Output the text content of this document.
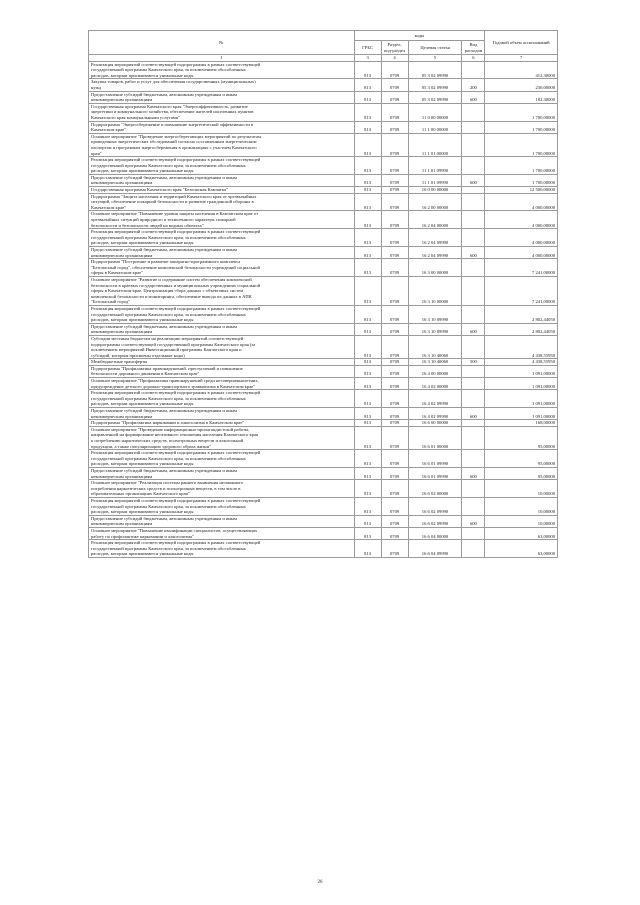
№	коды				Годовой объем ассигнований
	ГРБС	Раздел, под-раздел	Целевая статья	Вид расходов	
1	3	4	5	6	7

Реализация мероприятий соответствующей подпрограммы в рамках соответствующей
государственной программы Камчатского края, за исключением обособленных
расходов, которым присваиваются уникальные коды	813	0709	05 3 02 09990		412,30000

Закупка товаров, работ и услуг для обеспечения государственных (муниципальных)
нужд	813	0709	05 3 02 09990	200	230,00000

Предоставление субсидий бюджетным, автономным учреждениям и иным
некоммерческим организациям	813	0709	05 3 02 09990	600	182,30000

Государственная программа Камчатского края "Энергоэффективность, развитие
энергетики и коммунального хозяйства, обеспечение жителей населенных пунктов
Камчатского края коммунальными услугами"	813	0709	11 0 00 00000		1 700,00000

Подпрограмма "Энергосбережение и повышение энергетической эффективности в
Камчатском крае"	813	0709	11 1 00 00000		1 700,00000

Основное мероприятие "Проведение энергосберегающих мероприятий по результатам
проведенных энергетических обследований согласно составленным энергетическим
паспортам и программам энергосбережения в организациях с участием Камчатского
края"	813	0709	11 1 01 00000		1 700,00000

Реализация мероприятий соответствующей подпрограммы в рамках соответствующей
государственной программы Камчатского края, за исключением обособленных
расходов, которым присваиваются уникальные коды	813	0709	11 1 01 09990		1 700,00000

Предоставление субсидий бюджетным, автономным учреждениям и иным
некоммерческим организациям	813	0709	11 1 01 09990	600	1 700,00000

Государственная программа Камчатского края "Безопасная Камчатка"	813	0709	16 0 00 00000		12 500,00000

Подпрограмма "Защита населения и территорий Камчатского края от чрезвычайных
ситуаций, обеспечение пожарной безопасности и развитие гражданской обороны в
Камчатском крае"	813	0709	16 2 00 00000		4 000,00000

Основное мероприятие "Повышение уровня защиты населения в Камчатском крае от
чрезвычайных ситуаций природного и техногенного характера, пожарной
безопасности и безопасности людей на водных объектах"	813	0709	16 2 04 00000		4 000,00000

Реализация мероприятий соответствующей подпрограммы в рамках соответствующей
государственной программы Камчатского края, за исключением обособленных
расходов, которым присваиваются уникальные коды	813	0709	16 2 04 09990		4 000,00000

Предоставление субсидий бюджетным, автономным учреждениям и иным
некоммерческим организациям	813	0709	16 2 04 09990	600	4 000,00000

Подпрограмма "Построение и развитие аппаратно-программного комплекса
"Безопасный город", обеспечение комплексной безопасности учреждений социальной
сферы в Камчатском крае"	813	0709	16 3 00 00000		7 241,00000

Основное мероприятие "Развитие и содержание систем обеспечения комплексной
безопасности в краевых государственных и муниципальных учреждениях социальной
сферы в Камчатском крае. Централизация сбора данных с объектовых систем
комплексной безопасности и мониторинга, обеспечение вывода их данных в АПК
"Безопасный город"	813	0709	16 3 10 00000		7 241,00000

Реализация мероприятий соответствующей подпрограммы в рамках соответствующей
государственной программы Камчатского края, за исключением обособленных
расходов, которым присваиваются уникальные коды	813	0709	16 3 10 09990		2 802,44050

Предоставление субсидий бюджетным, автономным учреждениям и иным
некоммерческим организациям	813	0709	16 3 10 09990	600	2 802,44050

Субсидии местным бюджетам на реализацию мероприятий соответствующей
подпрограммы соответствующей государственной программы Камчатского края (за
исключением мероприятий Инвестиционной программы Камчатского края и
субсидий, которым присвоены отдельные коды)	813	0709	16 3 10 40060		4 438,55950

Межбюджетные трансферты	813	0709	16 3 10 40060	500	4 438,55950

Подпрограмма "Профилактика правонарушений, преступлений и повышение
безопасности дорожного движения в Камчатском крае"	813	0709	16 4 00 00000		1 091,00000

Основное мероприятие "Профилактика правонарушений среди несовершеннолетних,
предупреждение детского дорожно-транспортного травматизма в Камчатском крае"	813	0709	16 4 02 00000		1 091,00000

Реализация мероприятий соответствующей подпрограммы в рамках соответствующей
государственной программы Камчатского края, за исключением обособленных
расходов, которым присваиваются уникальные коды	813	0709	16 4 02 09990		1 091,00000

Предоставление субсидий бюджетным, автономным учреждениям и иным
некоммерческим организациям	813	0709	16 4 02 09990	600	1 091,00000

Подпрограмма "Профилактика наркомании и алкоголизма в Камчатском крае"	813	0709	16 6 00 00000		168,00000

Основное мероприятие "Проведение информационно-пропагандистской работы,
направленной на формирование негативного отношения населения Камчатского края
к потреблению наркотических средств, психотропных веществ и алкогольной
продукции, а также популяризацию здорового образа жизни"	813	0709	16 6 01 00000		95,00000

Реализация мероприятий соответствующей подпрограммы в рамках соответствующей
государственной программы Камчатского края, за исключением обособленных
расходов, которым присваиваются уникальные коды	813	0709	16 6 01 09990		95,00000

Предоставление субсидий бюджетным, автономным учреждениям и иным
некоммерческим организациям	813	0709	16 6 01 09990	600	95,00000

Основное мероприятие "Реализация системы раннего выявления незаконного
потребления наркотических средств и психотропных веществ, в том числе в
образовательных организациях Камчатского края"	813	0709	16 6 02 00000		10,00000

Реализация мероприятий соответствующей подпрограммы в рамках соответствующей
государственной программы Камчатского края, за исключением обособленных
расходов, которым присваиваются уникальные коды	813	0709	16 6 02 09990		10,00000

Предоставление субсидий бюджетным, автономным учреждениям и иным
некоммерческим организациям	813	0709	16 6 02 09990	600	10,00000

Основное мероприятие "Повышение квалификации специалистов, осуществляющих
работу по профилактике наркомании и алкоголизма"	813	0709	16 6 04 00000		63,00000

Реализация мероприятий соответствующей подпрограммы в рамках соответствующей
государственной программы Камчатского края, за исключением обособленных
расходов, которым присваиваются уникальные коды	813	0709	16 6 04 09990		63,00000
26
